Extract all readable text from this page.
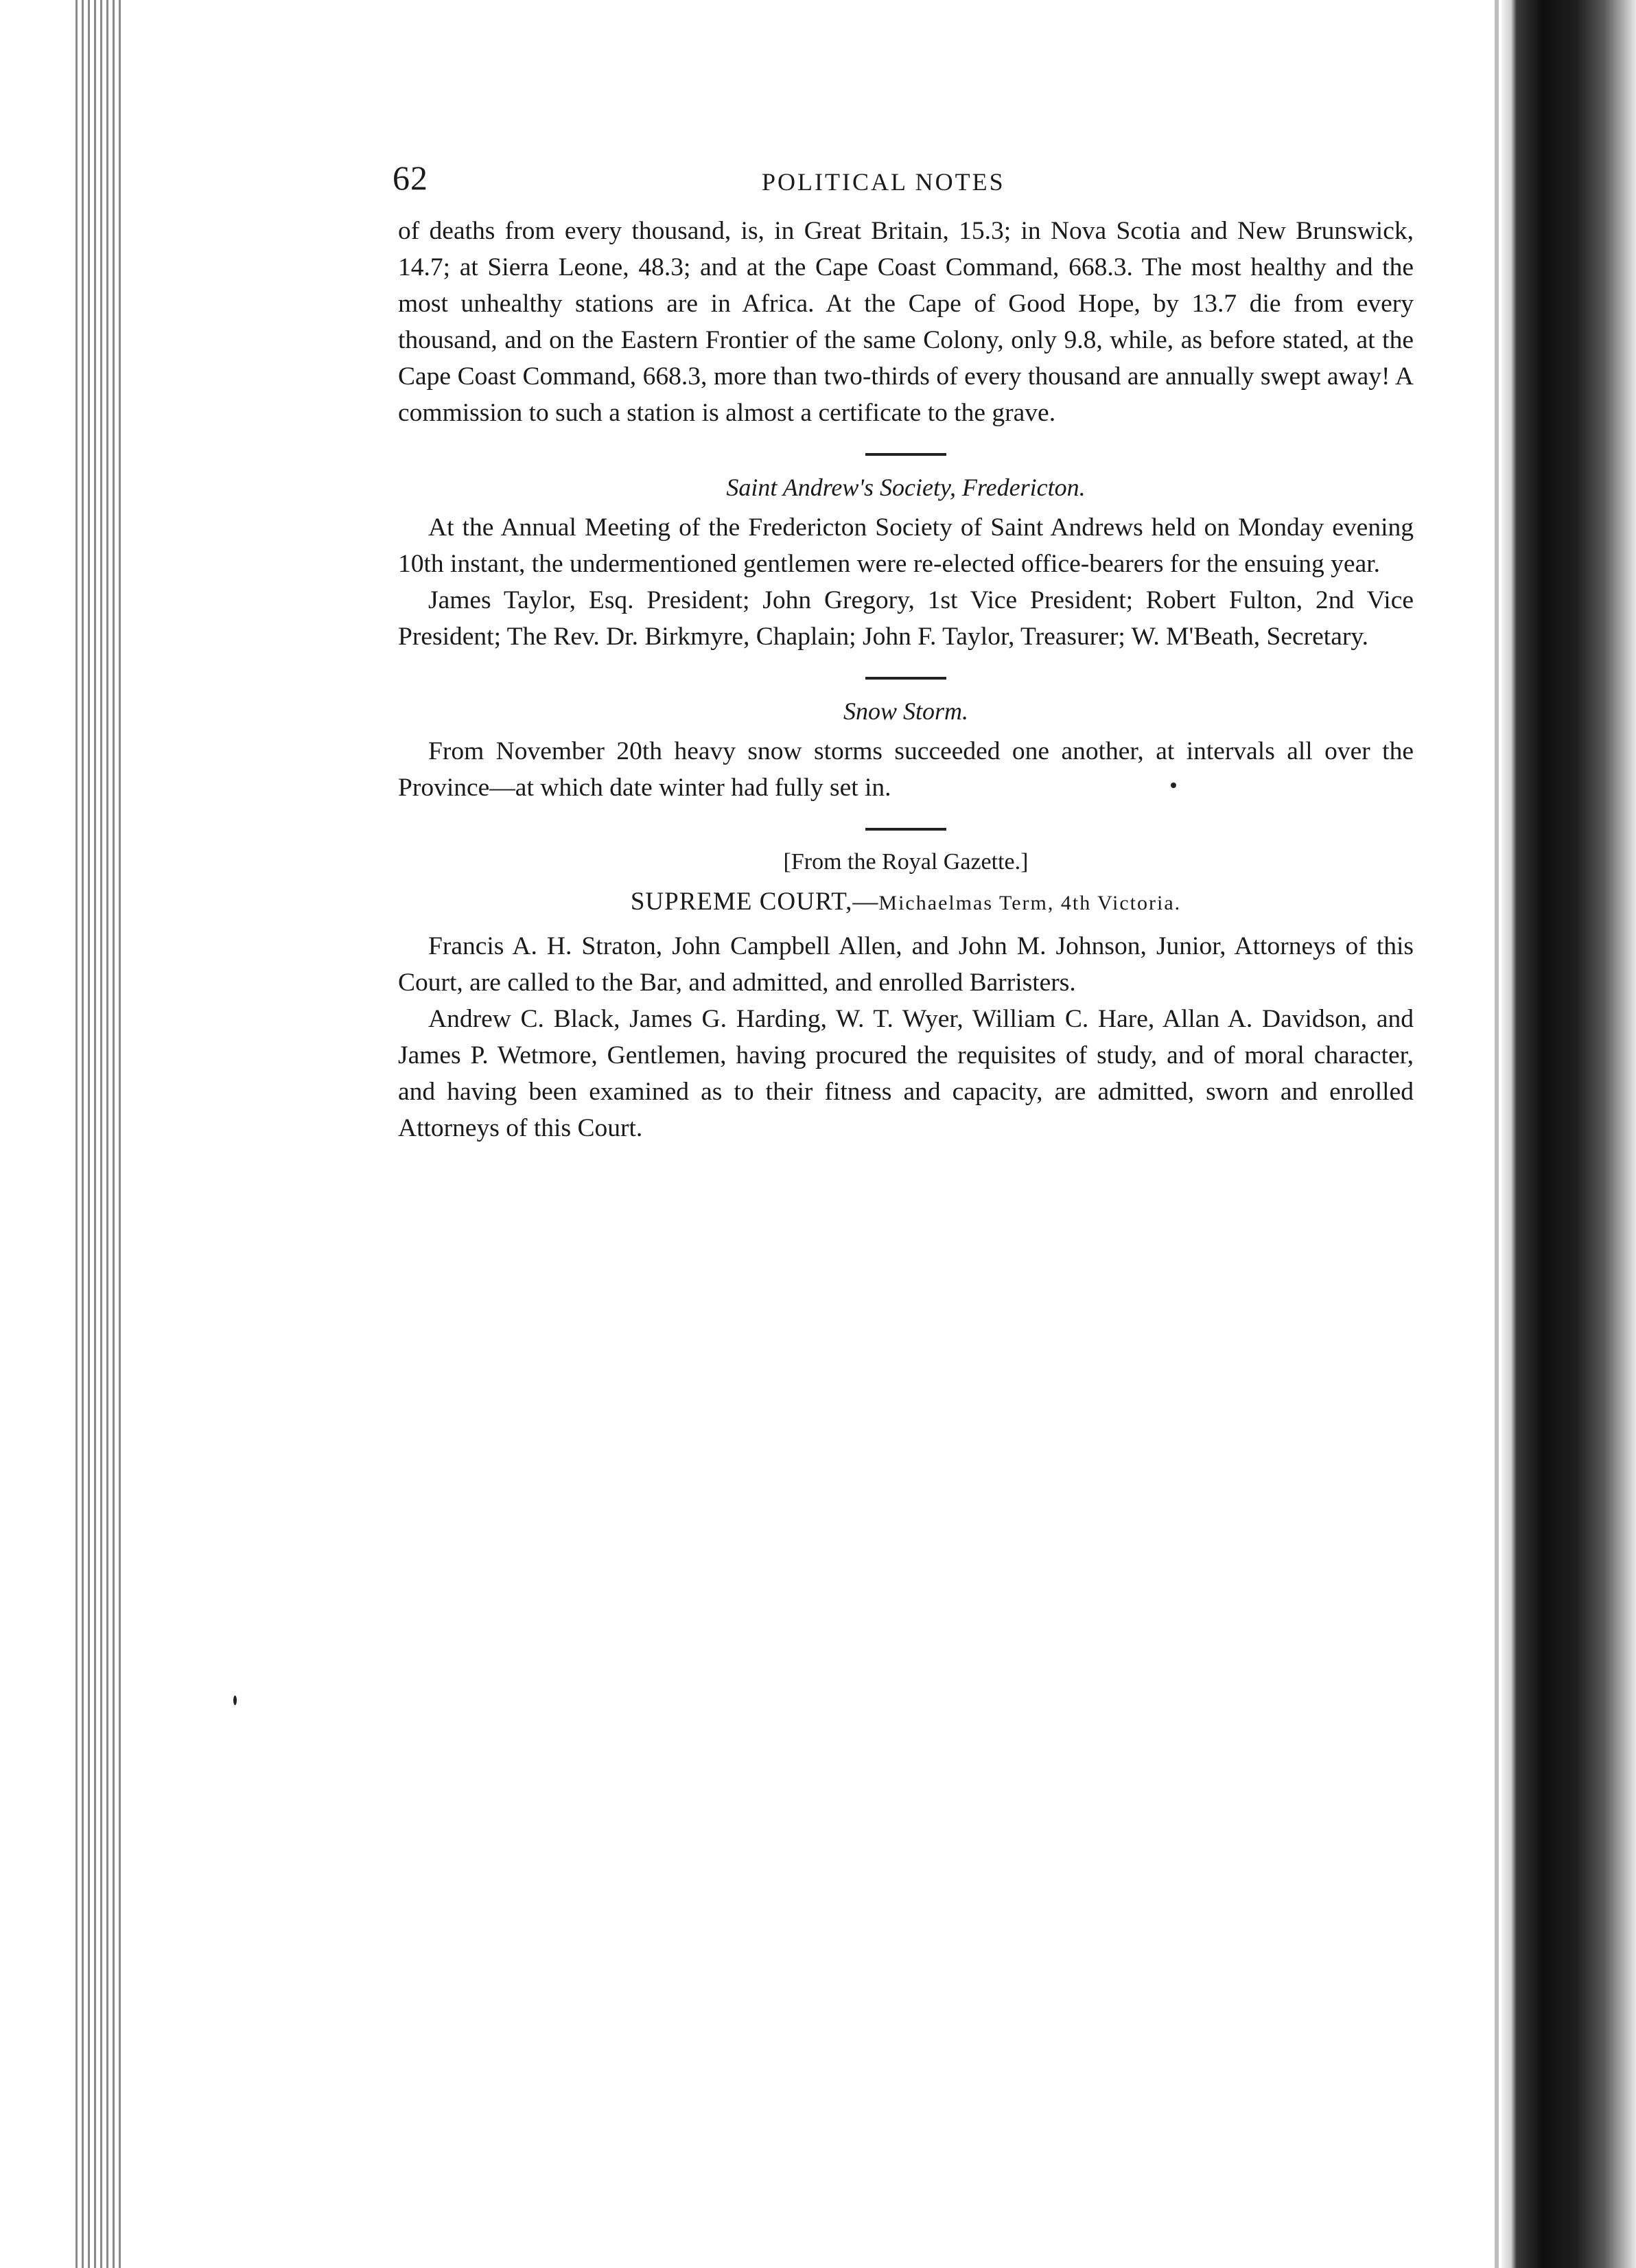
62	POLITICAL NOTES

of deaths from every thousand, is, in Great Britain, 15.3; in Nova Scotia and New Brunswick, 14.7; at Sierra Leone, 48.3; and at the Cape Coast Command, 668.3. The most healthy and the most unhealthy stations are in Africa. At the Cape of Good Hope, by 13.7 die from every thousand, and on the Eastern Frontier of the same Colony, only 9.8, while, as before stated, at the Cape Coast Command, 668.3, more than two-thirds of every thousand are annually swept away! A commission to such a station is almost a certificate to the grave.

Saint Andrew's Society, Fredericton.

At the Annual Meeting of the Fredericton Society of Saint Andrews held on Monday evening 10th instant, the undermentioned gentlemen were re-elected office-bearers for the ensuing year.

James Taylor, Esq. President; John Gregory, 1st Vice President; Robert Fulton, 2nd Vice President; The Rev. Dr. Birkmyre, Chaplain; John F. Taylor, Treasurer; W. M'Beath, Secretary.

Snow Storm.

From November 20th heavy snow storms succeeded one another, at intervals all over the Province—at which date winter had fully set in.

[From the Royal Gazette.]
SUPREME COURT,—Michaelmas Term, 4th Victoria.

Francis A. H. Straton, John Campbell Allen, and John M. Johnson, Junior, Attorneys of this Court, are called to the Bar, and admitted, and enrolled Barristers.

Andrew C. Black, James G. Harding, W. T. Wyer, William C. Hare, Allan A. Davidson, and James P. Wetmore, Gentlemen, having procured the requisites of study, and of moral character, and having been examined as to their fitness and capacity, are admitted, sworn and enrolled Attorneys of this Court.
